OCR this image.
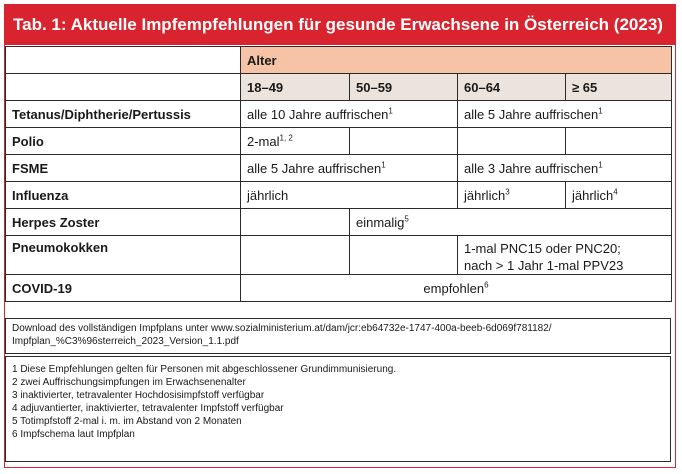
Tab. 1: Aktuelle Impfempfehlungen für gesunde Erwachsene in Österreich (2023)
	Alter			
	18–49	50–59	60–64	≥ 65
Tetanus/Diphtherie/Pertussis	alle 10 Jahre auffrischen$^1$		alle 5 Jahre auffrischen$^1$
Polio	2-mal$^{1, 2}$			
FSME	alle 5 Jahre auffrischen$^1$		alle 3 Jahre auffrischen$^1$
Influenza	jährlich		jährlich$^3$	jährlich$^4$
Herpes Zoster		einmalig$^5$
Pneumokokken			1-mal PNC15 oder PNC20;
nach > 1 Jahr 1-mal PPV23	

COVID-19	empfohlen$^6$
Download des vollständigen Impfplans unter www.sozialministerium.at/dam/jcr:eb64732e-1747-400a-beeb-6d069f781182/
Impfplan_%C3%96sterreich_2023_Version_1.1.pdf
1 Diese Empfehlungen gelten für Personen mit abgeschlossener Grundimmunisierung.
2 zwei Auffrischungsimpfungen im Erwachsenenalter
3 inaktivierter, tetravalenter Hochdosisimpfstoff verfügbar
4 adjuvantierter, inaktivierter, tetravalenter Impfstoff verfügbar
5 Totimpfstoff 2-mal i. m. im Abstand von 2 Monaten
6 Impfschema laut Impfplan
